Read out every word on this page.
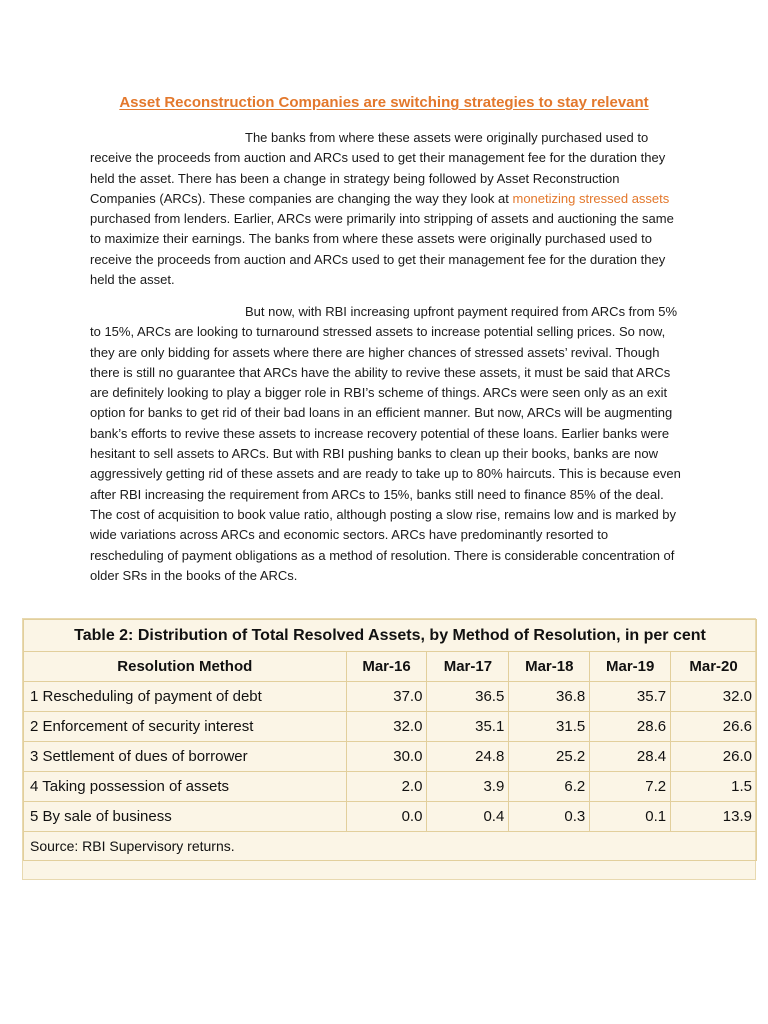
Asset Reconstruction Companies are switching strategies to stay relevant

The banks from where these assets were originally purchased used to receive the proceeds from auction and ARCs used to get their management fee for the duration they held the asset. There has been a change in strategy being followed by Asset Reconstruction Companies (ARCs). These companies are changing the way they look at monetizing stressed assets purchased from lenders. Earlier, ARCs were primarily into stripping of assets and auctioning the same to maximize their earnings. The banks from where these assets were originally purchased used to receive the proceeds from auction and ARCs used to get their management fee for the duration they held the asset.

But now, with RBI increasing upfront payment required from ARCs from 5% to 15%, ARCs are looking to turnaround stressed assets to increase potential selling prices. So now, they are only bidding for assets where there are higher chances of stressed assets’ revival. Though there is still no guarantee that ARCs have the ability to revive these assets, it must be said that ARCs are definitely looking to play a bigger role in RBI’s scheme of things. ARCs were seen only as an exit option for banks to get rid of their bad loans in an efficient manner. But now, ARCs will be augmenting bank’s efforts to revive these assets to increase recovery potential of these loans. Earlier banks were hesitant to sell assets to ARCs. But with RBI pushing banks to clean up their books, banks are now aggressively getting rid of these assets and are ready to take up to 80% haircuts. This is because even after RBI increasing the requirement from ARCs to 15%, banks still need to finance 85% of the deal. The cost of acquisition to book value ratio, although posting a slow rise, remains low and is marked by wide variations across ARCs and economic sectors. ARCs have predominantly resorted to rescheduling of payment obligations as a method of resolution. There is considerable concentration of older SRs in the books of the ARCs.

Table 2: Distribution of Total Resolved Assets, by Method of Resolution, in per cent					
Resolution Method	Mar-16	Mar-17	Mar-18	Mar-19	Mar-20
1 Rescheduling of payment of debt	37.0	36.5	36.8	35.7	32.0
2 Enforcement of security interest	32.0	35.1	31.5	28.6	26.6
3 Settlement of dues of borrower	30.0	24.8	25.2	28.4	26.0
4 Taking possession of assets	2.0	3.9	6.2	7.2	1.5
5 By sale of business	0.0	0.4	0.3	0.1	13.9
Source: RBI Supervisory returns.					
